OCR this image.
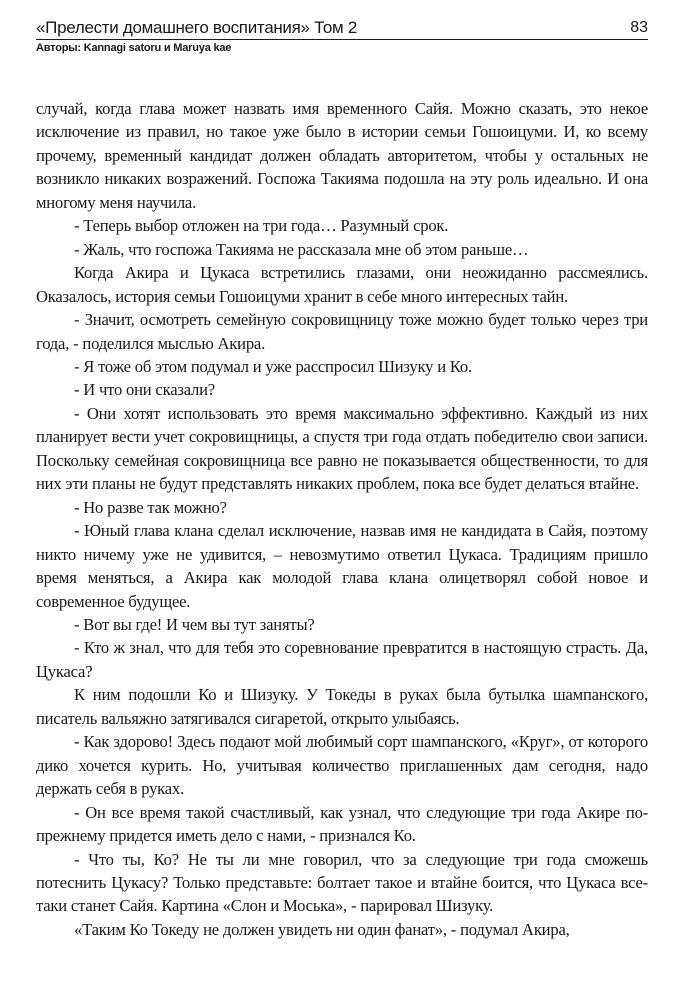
«Прелести домашнего воспитания» Том 2	83
Авторы: Kannagi satoru и Maruya kae

случай, когда глава может назвать имя временного Сайя. Можно сказать, это некое исключение из правил, но такое уже было в истории семьи Гошоицуми. И, ко всему прочему, временный кандидат должен обладать авторитетом, чтобы у остальных не возникло никаких возражений. Госпожа Такияма подошла на эту роль идеально. И она многому меня научила.

- Теперь выбор отложен на три года… Разумный срок.

- Жаль, что госпожа Такияма не рассказала мне об этом раньше…

Когда Акира и Цукаса встретились глазами, они неожиданно рассмеялись. Оказалось, история семьи Гошоицуми хранит в себе много интересных тайн.

- Значит, осмотреть семейную сокровищницу тоже можно будет только через три года, - поделился мыслью Акира.

- Я тоже об этом подумал и уже расспросил Шизуку и Ко.

- И что они сказали?

- Они хотят использовать это время максимально эффективно. Каждый из них планирует вести учет сокровищницы, а спустя три года отдать победителю свои записи. Поскольку семейная сокровищница все равно не показывается общественности, то для них эти планы не будут представлять никаких проблем, пока все будет делаться втайне.

- Но разве так можно?

- Юный глава клана сделал исключение, назвав имя не кандидата в Сайя, поэтому никто ничему уже не удивится, – невозмутимо ответил Цукаса. Традициям пришло время меняться, а Акира как молодой глава клана олицетворял собой новое и современное будущее.

- Вот вы где! И чем вы тут заняты?

- Кто ж знал, что для тебя это соревнование превратится в настоящую страсть. Да, Цукаса?

К ним подошли Ко и Шизуку. У Токеды в руках была бутылка шампанского, писатель вальяжно затягивался сигаретой, открыто улыбаясь.

- Как здорово! Здесь подают мой любимый сорт шампанского, «Круг», от которого дико хочется курить. Но, учитывая количество приглашенных дам сегодня, надо держать себя в руках.

- Он все время такой счастливый, как узнал, что следующие три года Акире по-прежнему придется иметь дело с нами, - признался Ко.

- Что ты, Ко? Не ты ли мне говорил, что за следующие три года сможешь потеснить Цукасу? Только представьте: болтает такое и втайне боится, что Цукаса все-таки станет Сайя. Картина «Слон и Моська», - парировал Шизуку.

«Таким Ко Токеду не должен увидеть ни один фанат», - подумал Акира,
